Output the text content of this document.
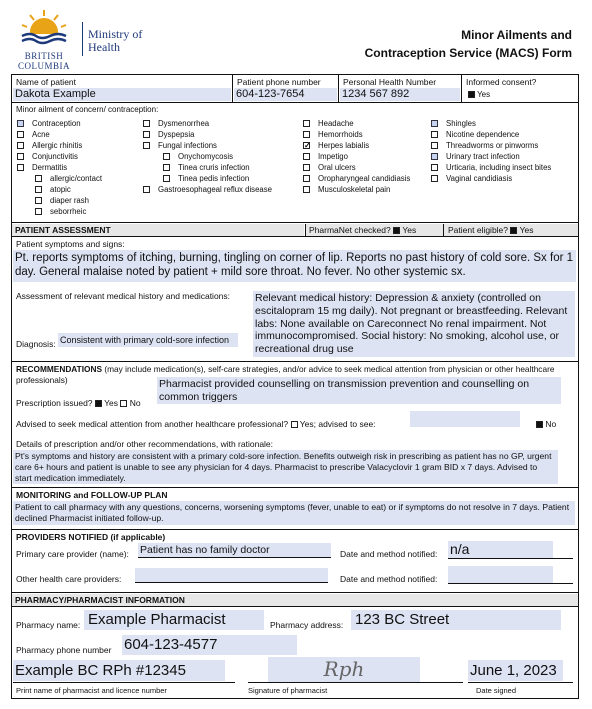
BRITISH
COLUMBIA
Ministry of
Health
Minor Ailments and
Contraception Service (MACS) Form
Name of patient
Dakota Example
Patient phone number
604-123-7654
Personal Health Number
1234 567 892
Informed consent?
Yes
Minor ailment of concern/ contraception:
Contraception
Acne
Allergic rhinitis
Conjunctivitis
Dermatitis
allergic/contact
atopic
diaper rash
seborrheic
Dysmenorrhea
Dyspepsia
Fungal infections
Onychomycosis
Tinea cruris infection
Tinea pedis infection
Gastroesophageal reflux disease
Headache
Hemorrhoids
✓ Herpes labialis
Impetigo
Oral ulcers
Oropharyngeal candidiasis
Musculoskeletal pain
Shingles
Nicotine dependence
Threadworms or pinworms
Urinary tract infection
Urticaria, including insect bites
Vaginal candidiasis
PATIENT ASSESSMENT	PharmaNet checked? Yes	Patient eligible? Yes
Patient symptoms and signs:
Pt. reports symptoms of itching, burning, tingling on corner of lip. Reports no past history of cold sore. Sx for 1 day. General malaise noted by patient + mild sore throat. No fever. No other systemic sx.
Assessment of relevant medical history and medications: Relevant medical history: Depression & anxiety (controlled on escitalopram 15 mg daily). Not pregnant or breastfeeding. Relevant labs: None available on Careconnect No renal impairment. Not immunocompromised. Social history: No smoking, alcohol use, or recreational drug use
Diagnosis: Consistent with primary cold-sore infection
RECOMMENDATIONS (may include medication(s), self-care strategies, and/or advice to seek medical attention from physician or other healthcare professionals)	Pharmacist provided counselling on transmission prevention and counselling on common triggers
Prescription issued? Yes No
Advised to seek medical attention from another healthcare professional? Yes; advised to see:	No
Details of prescription and/or other recommendations, with rationale:
Pt's symptoms and history are consistent with a primary cold-sore infection. Benefits outweigh risk in prescribing as patient has no GP, urgent care 6+ hours and patient is unable to see any physician for 4 days. Pharmacist to prescribe Valacyclovir 1 gram BID x 7 days. Advised to start medication immediately.
MONITORING and FOLLOW-UP PLAN
Patient to call pharmacy with any questions, concerns, worsening symptoms (fever, unable to eat) or if symptoms do not resolve in 7 days. Patient declined Pharmacist initiated follow-up.
PROVIDERS NOTIFIED (if applicable)
Primary care provider (name): Patient has no family doctor	Date and method notified: n/a
Other health care providers:	Date and method notified:
PHARMACY/PHARMACIST INFORMATION
Pharmacy name: Example Pharmacist	Pharmacy address: 123 BC Street
Pharmacy phone number 604-123-4577
Example BC RPh #12345	Rph	June 1, 2023
Print name of pharmacist and licence number	Signature of pharmacist	Date signed
